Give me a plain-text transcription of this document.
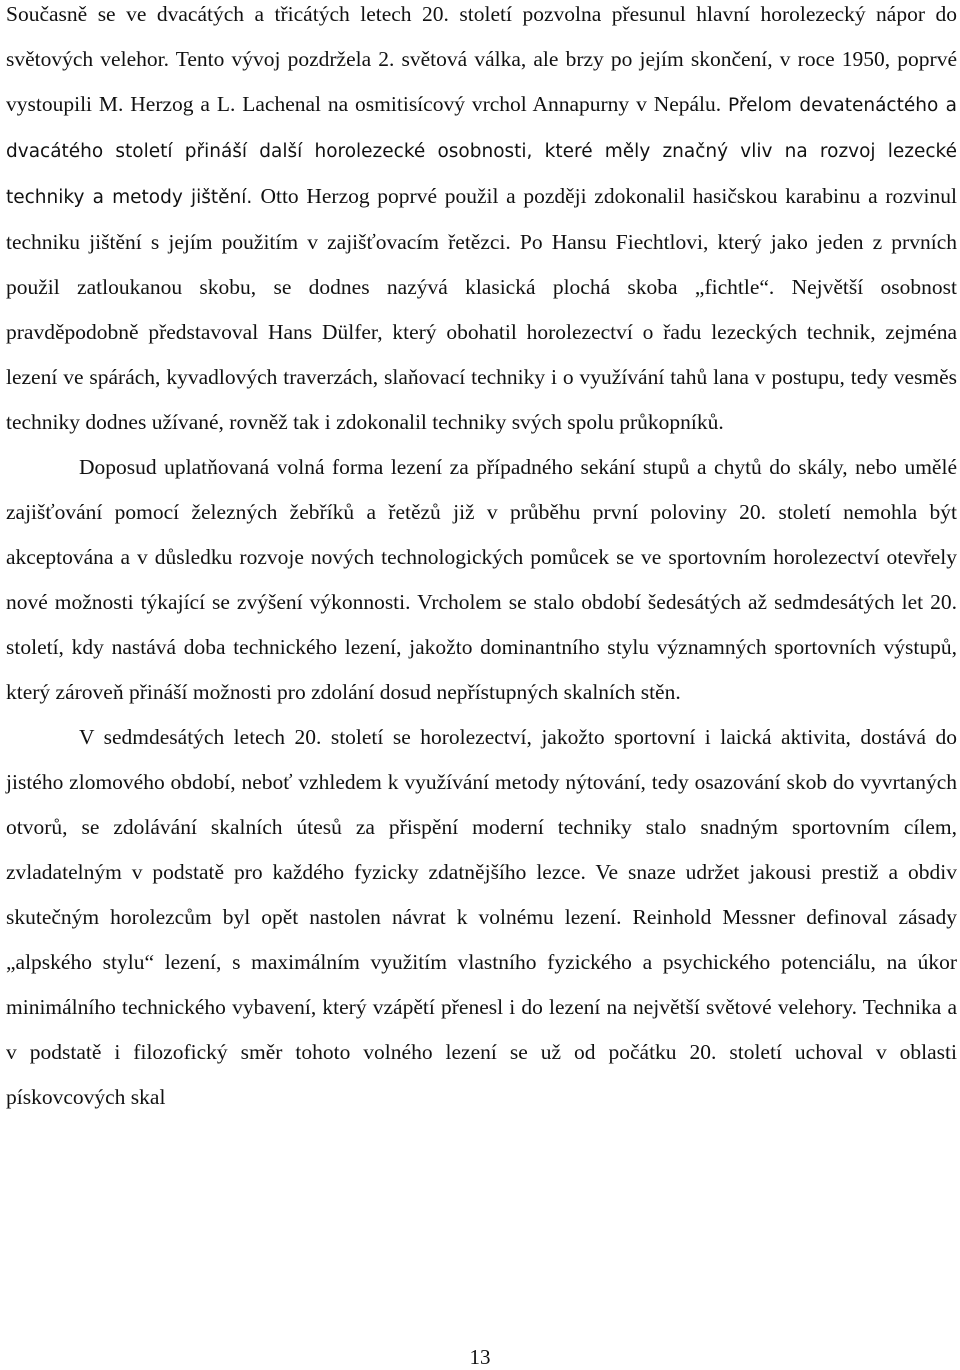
Současně se ve dvacátých a třicátých letech 20. století pozvolna přesunul hlavní horolezecký nápor do světových velehor. Tento vývoj pozdržela 2. světová válka, ale brzy po jejím skončení, v roce 1950, poprvé vystoupili M. Herzog a L. Lachenal na osmitisícový vrchol Annapurny v Nepálu. Přelom devatenáctého a dvacátého století přináší další horolezecké osobnosti, které měly značný vliv na rozvoj lezecké techniky a metody jištění. Otto Herzog poprvé použil a později zdokonalil hasičskou karabinu a rozvinul techniku jištění s jejím použitím v zajišťovacím řetězci. Po Hansu Fiechtlovi, který jako jeden z prvních použil zatloukanou skobu, se dodnes nazývá klasická plochá skoba „fichtle“. Největší osobnost pravděpodobně představoval Hans Dülfer, který obohatil horolezectví o řadu lezeckých technik, zejména lezení ve spárách, kyvadlových traverzách, slaňovací techniky i o využívání tahů lana v postupu, tedy vesměs techniky dodnes užívané, rovněž tak i zdokonalil techniky svých spolu průkopníků.

Doposud uplatňovaná volná forma lezení za případného sekání stupů a chytů do skály, nebo umělé zajišťování pomocí železných žebříků a řetězů již v průběhu první poloviny 20. století nemohla být akceptována a v důsledku rozvoje nových technologických pomůcek se ve sportovním horolezectví otevřely nové možnosti týkající se zvýšení výkonnosti. Vrcholem se stalo období šedesátých až sedmdesátých let 20. století, kdy nastává doba technického lezení, jakožto dominantního stylu významných sportovních výstupů, který zároveň přináší možnosti pro zdolání dosud nepřístupných skalních stěn.

V sedmdesátých letech 20. století se horolezectví, jakožto sportovní i laická aktivita, dostává do jistého zlomového období, neboť vzhledem k využívání metody nýtování, tedy osazování skob do vyvrtaných otvorů, se zdolávání skalních útesů za přispění moderní techniky stalo snadným sportovním cílem, zvladatelným v podstatě pro každého fyzicky zdatnějšího lezce. Ve snaze udržet jakousi prestiž a obdiv skutečným horolezcům byl opět nastolen návrat k volnému lezení. Reinhold Messner definoval zásady „alpského stylu“ lezení, s maximálním využitím vlastního fyzického a psychického potenciálu, na úkor minimálního technického vybavení, který vzápětí přenesl i do lezení na největší světové velehory. Technika a v podstatě i filozofický směr tohoto volného lezení se už od počátku 20. století uchoval v oblasti pískovcových skal

13
